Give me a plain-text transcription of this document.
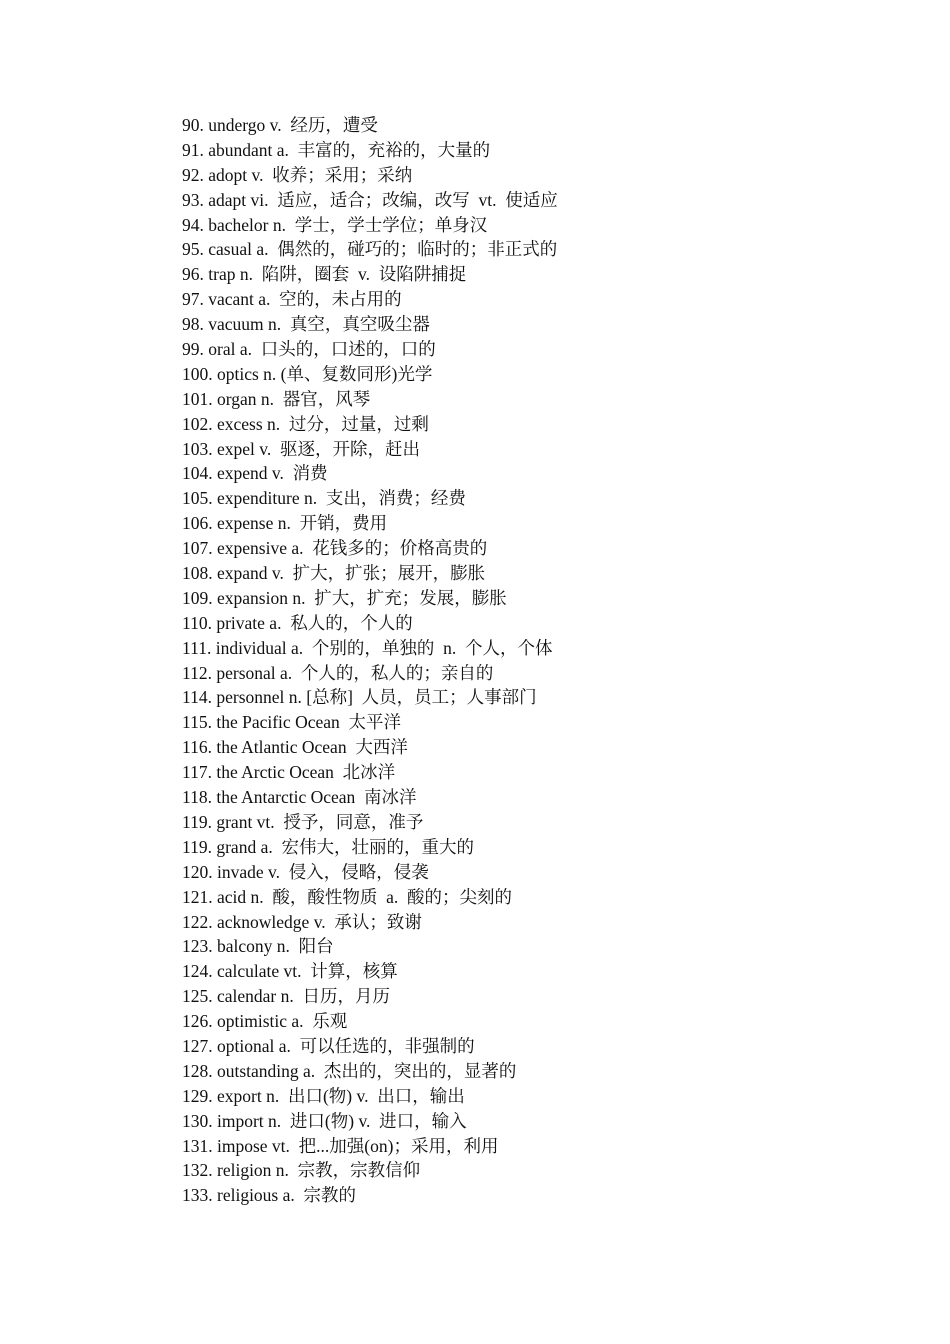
90. undergo v.  经历，遭受
91. abundant a.  丰富的，充裕的，大量的
92. adopt v.  收养；采用；采纳
93. adapt vi.  适应，适合；改编，改写  vt.  使适应
94. bachelor n.  学士，学士学位；单身汉
95. casual a.  偶然的，碰巧的；临时的；非正式的
96. trap n.  陷阱，圈套  v.  设陷阱捕捉
97. vacant a.  空的，未占用的
98. vacuum n.  真空，真空吸尘器
99. oral a.  口头的，口述的，口的
100. optics n. (单、复数同形)光学
101. organ n.  器官，风琴
102. excess n.  过分，过量，过剩
103. expel v.  驱逐，开除，赶出
104. expend v.  消费
105. expenditure n.  支出，消费；经费
106. expense n.  开销，费用
107. expensive a.  花钱多的；价格高贵的
108. expand v.  扩大，扩张；展开，膨胀
109. expansion n.  扩大，扩充；发展，膨胀
110. private a.  私人的，个人的
111. individual a.  个别的，单独的  n.  个人，个体
112. personal a.  个人的，私人的；亲自的
114. personnel n. [总称]  人员，员工；人事部门
115. the Pacific Ocean  太平洋
116. the Atlantic Ocean  大西洋
117. the Arctic Ocean  北冰洋
118. the Antarctic Ocean  南冰洋
119. grant vt.  授予，同意，准予
119. grand a.  宏伟大，壮丽的，重大的
120. invade v.  侵入，侵略，侵袭
121. acid n.  酸，酸性物质  a.  酸的；尖刻的
122. acknowledge v.  承认；致谢
123. balcony n.  阳台
124. calculate vt.  计算，核算
125. calendar n.  日历，月历
126. optimistic a.  乐观
127. optional a.  可以任选的，非强制的
128. outstanding a.  杰出的，突出的，显著的
129. export n.  出口(物) v.  出口，输出
130. import n.  进口(物) v.  进口，输入
131. impose vt.  把...加强(on)；采用，利用
132. religion n.  宗教，宗教信仰
133. religious a.  宗教的
